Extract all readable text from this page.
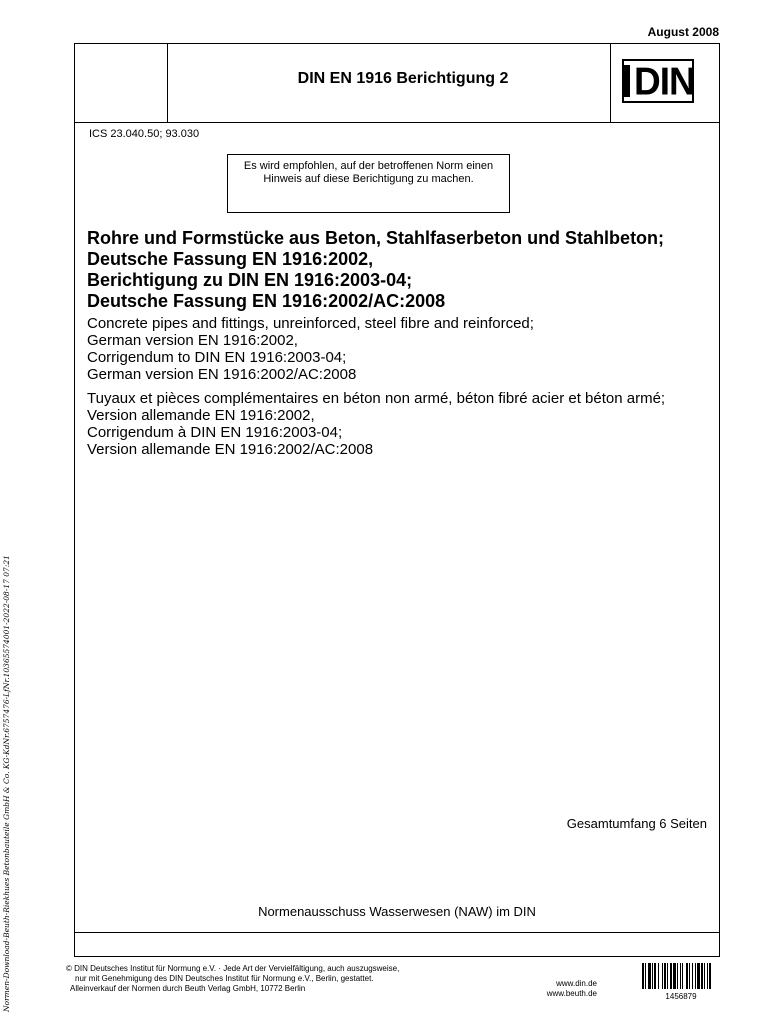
August 2008
DIN EN 1916 Berichtigung 2	DIN
ICS 23.040.50; 93.030
Es wird empfohlen, auf der betroffenen Norm einen Hinweis auf diese Berichtigung zu machen.
Rohre und Formstücke aus Beton, Stahlfaserbeton und Stahlbeton;
Deutsche Fassung EN 1916:2002,
Berichtigung zu DIN EN 1916:2003-04;
Deutsche Fassung EN 1916:2002/AC:2008
Concrete pipes and fittings, unreinforced, steel fibre and reinforced;
German version EN 1916:2002,
Corrigendum to DIN EN 1916:2003-04;
German version EN 1916:2002/AC:2008
Tuyaux et pièces complémentaires en béton non armé, béton fibré acier et béton armé;
Version allemande EN 1916:2002,
Corrigendum à DIN EN 1916:2003-04;
Version allemande EN 1916:2002/AC:2008
Gesamtumfang 6 Seiten
Normenausschuss Wasserwesen (NAW) im DIN
Normen-Download-Beuth-Riekhues Betonbauteile GmbH & Co. KG-KdNr.6757476-LfNr.10365574001-2022-08-17 07:21	© DIN Deutsches Institut für Normung e.V. · Jede Art der Vervielfältigung, auch auszugsweise,
nur mit Genehmigung des DIN Deutsches Institut für Normung e.V., Berlin, gestattet.
Alleinverkauf der Normen durch Beuth Verlag GmbH, 10772 Berlin
www.din.de
www.beuth.de	1456879
